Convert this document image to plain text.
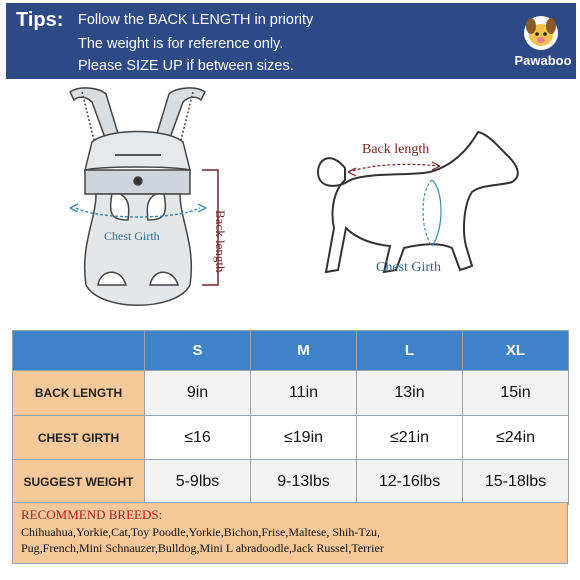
Tips: Follow the BACK LENGTH in priority
The weight is for reference only.
Please SIZE UP if between sizes.	Pawaboo
Chest Girth	Back length
Back length
Chest Girth
	S	M	L	XL
BACK LENGTH	9in	11in	13in	15in
CHEST GIRTH	≤16	≤19in	≤21in	≤24in
SUGGEST WEIGHT	5-9lbs	9-13lbs	12-16lbs	15-18lbs
RECOMMEND BREEDS:
Chihuahua,Yorkie,Cat,Toy Poodle,Yorkie,Bichon,Frise,Maltese, Shih-Tzu,
Pug,French,Mini Schnauzer,Bulldog,Mini L abradoodle,Jack Russel,Terrier
